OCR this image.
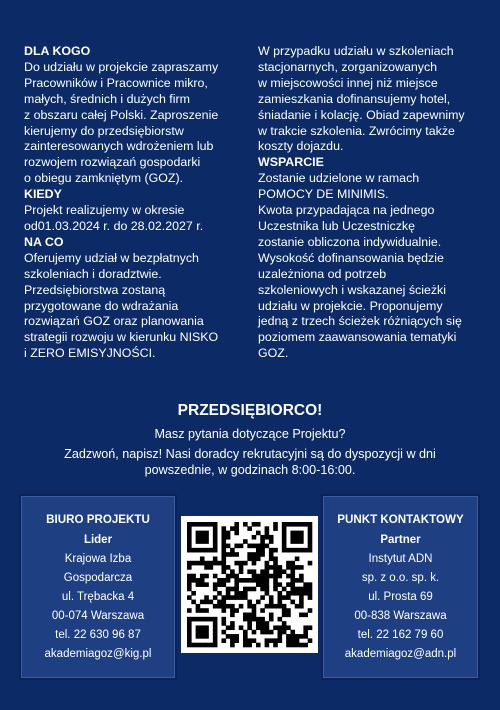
DLA KOGO
Do udziału w projekcie zapraszamy
Pracowników i Pracownice mikro,
małych, średnich i dużych firm
z obszaru całej Polski. Zaproszenie
kierujemy do przedsiębiorstw
zainteresowanych wdrożeniem lub
rozwojem rozwiązań gospodarki
o obiegu zamkniętym (GOZ).
KIEDY
Projekt realizujemy w okresie
od01.03.2024 r. do 28.02.2027 r.
NA CO
Oferujemy udział w bezpłatnych
szkoleniach i doradztwie.
Przedsiębiorstwa zostaną
przygotowane do wdrażania
rozwiązań GOZ oraz planowania
strategii rozwoju w kierunku NISKO
i ZERO EMISYJNOŚCI.
W przypadku udziału w szkoleniach
stacjonarnych, zorganizowanych
w miejscowości innej niż miejsce
zamieszkania dofinansujemy hotel,
śniadanie i kolację. Obiad zapewnimy
w trakcie szkolenia. Zwrócimy także
koszty dojazdu.
WSPARCIE
Zostanie udzielone w ramach
POMOCY DE MINIMIS.
Kwota przypadająca na jednego
Uczestnika lub Uczestniczkę
zostanie obliczona indywidualnie.
Wysokość dofinansowania będzie
uzależniona od potrzeb
szkoleniowych i wskazanej ścieżki
udziału w projekcie. Proponujemy
jedną z trzech ścieżek różniących się
poziomem zaawansowania tematyki
GOZ.
PRZEDSIĘBIORCO!
Masz pytania dotyczące Projektu?
Zadzwoń, napisz! Nasi doradcy rekrutacyjni są do dyspozycji w dni
powszednie, w godzinach 8:00-16:00.
BIURO PROJEKTU
Lider
Krajowa Izba
Gospodarcza
ul. Trębacka 4
00-074 Warszawa
tel. 22 630 96 87
akademiagoz@kig.pl
PUNKT KONTAKTOWY
Partner
Instytut ADN
sp. z o.o. sp. k.
ul. Prosta 69
00-838 Warszawa
tel. 22 162 79 60
akademiagoz@adn.pl
